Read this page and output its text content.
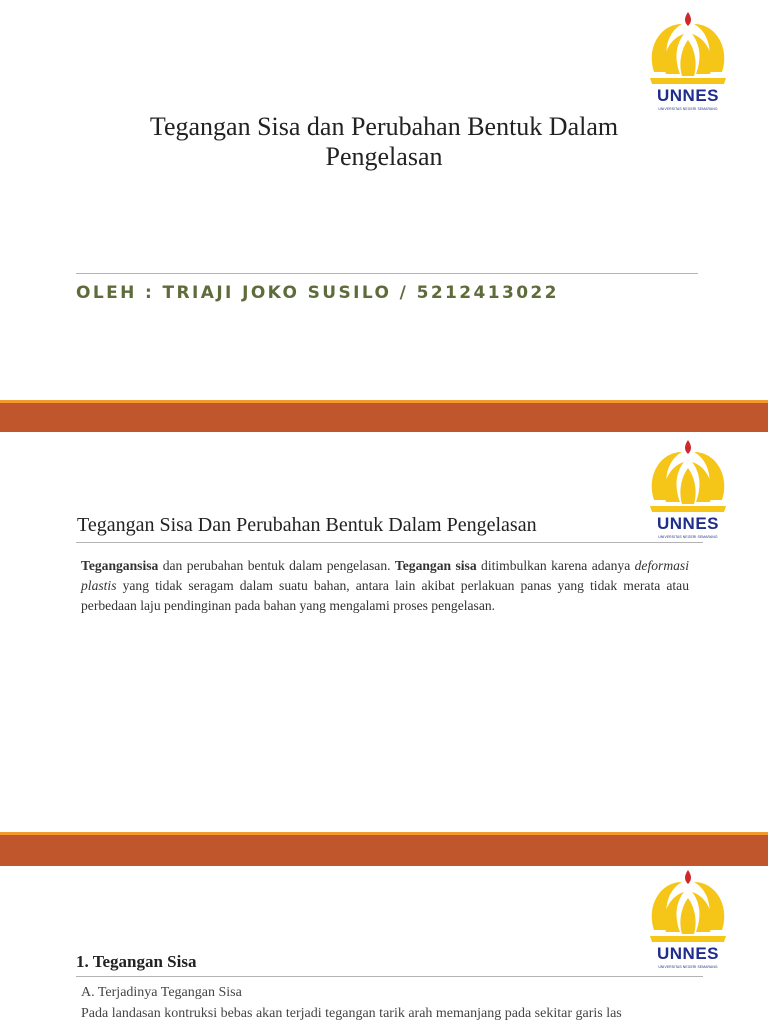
UNNES
UNIVERSITAS NEGERI SEMARANG
Tegangan Sisa dan Perubahan Bentuk Dalam
Pengelasan
OLEH : TRIAJI JOKO SUSILO / 5212413022
UNNES
UNIVERSITAS NEGERI SEMARANG
Tegangan Sisa Dan Perubahan Bentuk Dalam Pengelasan

Tegangansisa dan perubahan bentuk dalam pengelasan. Tegangan sisa ditimbulkan karena adanya deformasi plastis yang tidak seragam dalam suatu bahan, antara lain akibat perlakuan panas yang tidak merata atau perbedaan laju pendinginan pada bahan yang mengalami proses pengelasan.

UNNES
UNIVERSITAS NEGERI SEMARANG
1. Tegangan Sisa
A. Terjadinya Tegangan Sisa
Pada landasan kontruksi bebas akan terjadi tegangan tarik arah memanjang pada sekitar garis las
